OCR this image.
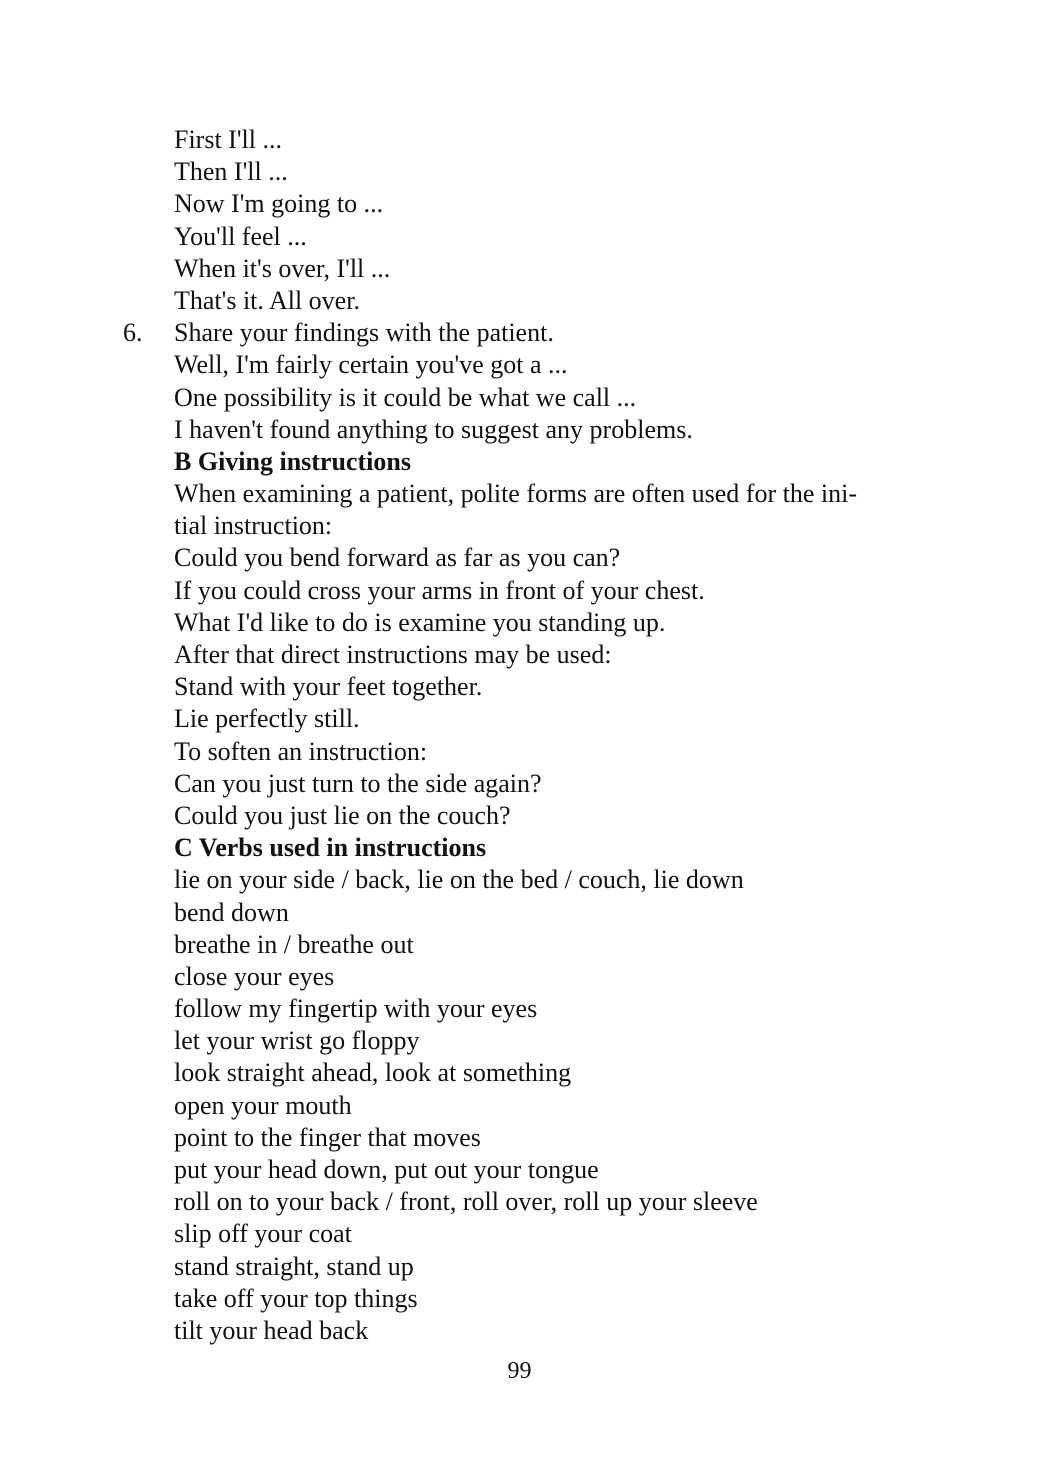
First I'll ...
Then I'll ...
Now I'm going to ...
You'll feel ...
When it's over, I'll ...
That's it. All over.
6. Share your findings with the patient.
Well, I'm fairly certain you've got a ...
One possibility is it could be what we call ...
I haven't found anything to suggest any problems.
B Giving instructions
When examining a patient, polite forms are often used for the ini-
tial instruction:
Could you bend forward as far as you can?
If you could cross your arms in front of your chest.
What I'd like to do is examine you standing up.
After that direct instructions may be used:
Stand with your feet together.
Lie perfectly still.
To soften an instruction:
Can you just turn to the side again?
Could you just lie on the couch?
C Verbs used in instructions
lie on your side / back, lie on the bed / couch, lie down
bend down
breathe in / breathe out
close your eyes
follow my fingertip with your eyes
let your wrist go floppy
look straight ahead, look at something
open your mouth
point to the finger that moves
put your head down, put out your tongue
roll on to your back / front, roll over, roll up your sleeve
slip off your coat
stand straight, stand up
take off your top things
tilt your head back
99
